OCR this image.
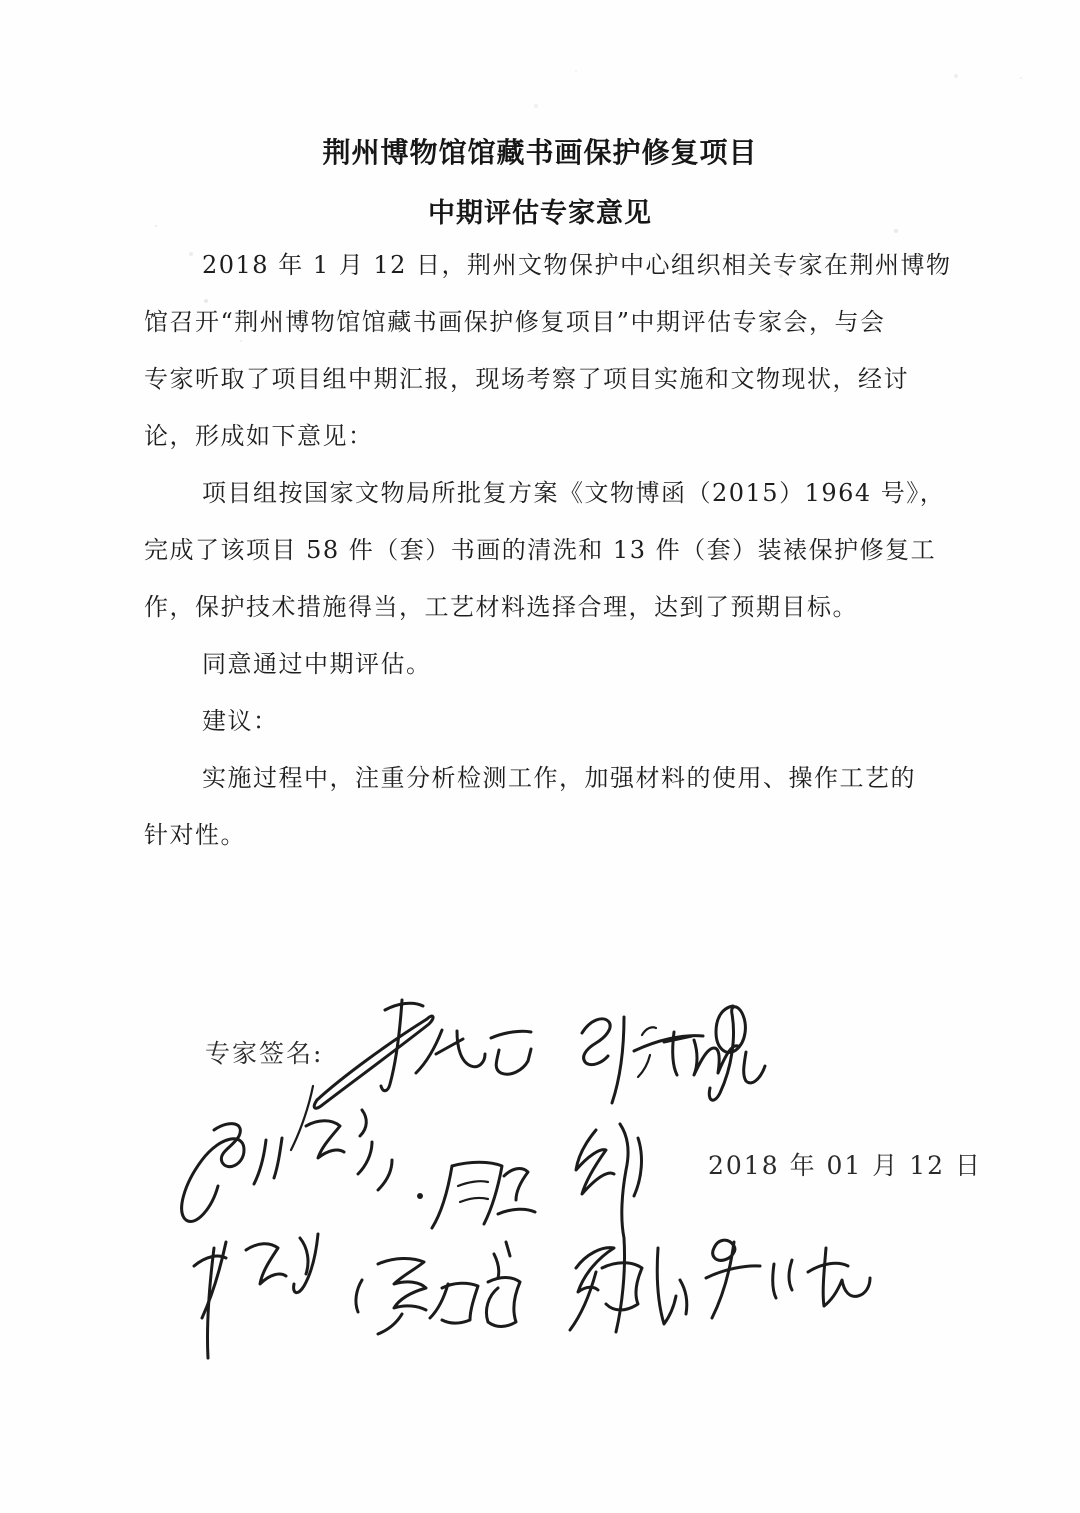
荆州博物馆馆藏书画保护修复项目
中期评估专家意见
2018 年 1 月 12 日，荆州文物保护中心组织相关专家在荆州博物
馆召开“荆州博物馆馆藏书画保护修复项目”中期评估专家会，与会
专家听取了项目组中期汇报，现场考察了项目实施和文物现状，经讨
论，形成如下意见：
项目组按国家文物局所批复方案《文物博函（2015）1964 号》，
完成了该项目 58 件（套）书画的清洗和 13 件（套）装裱保护修复工
作，保护技术措施得当，工艺材料选择合理，达到了预期目标。
同意通过中期评估。
建议：
实施过程中，注重分析检测工作，加强材料的使用、操作工艺的
针对性。
专家签名:
2018 年 01 月 12 日
